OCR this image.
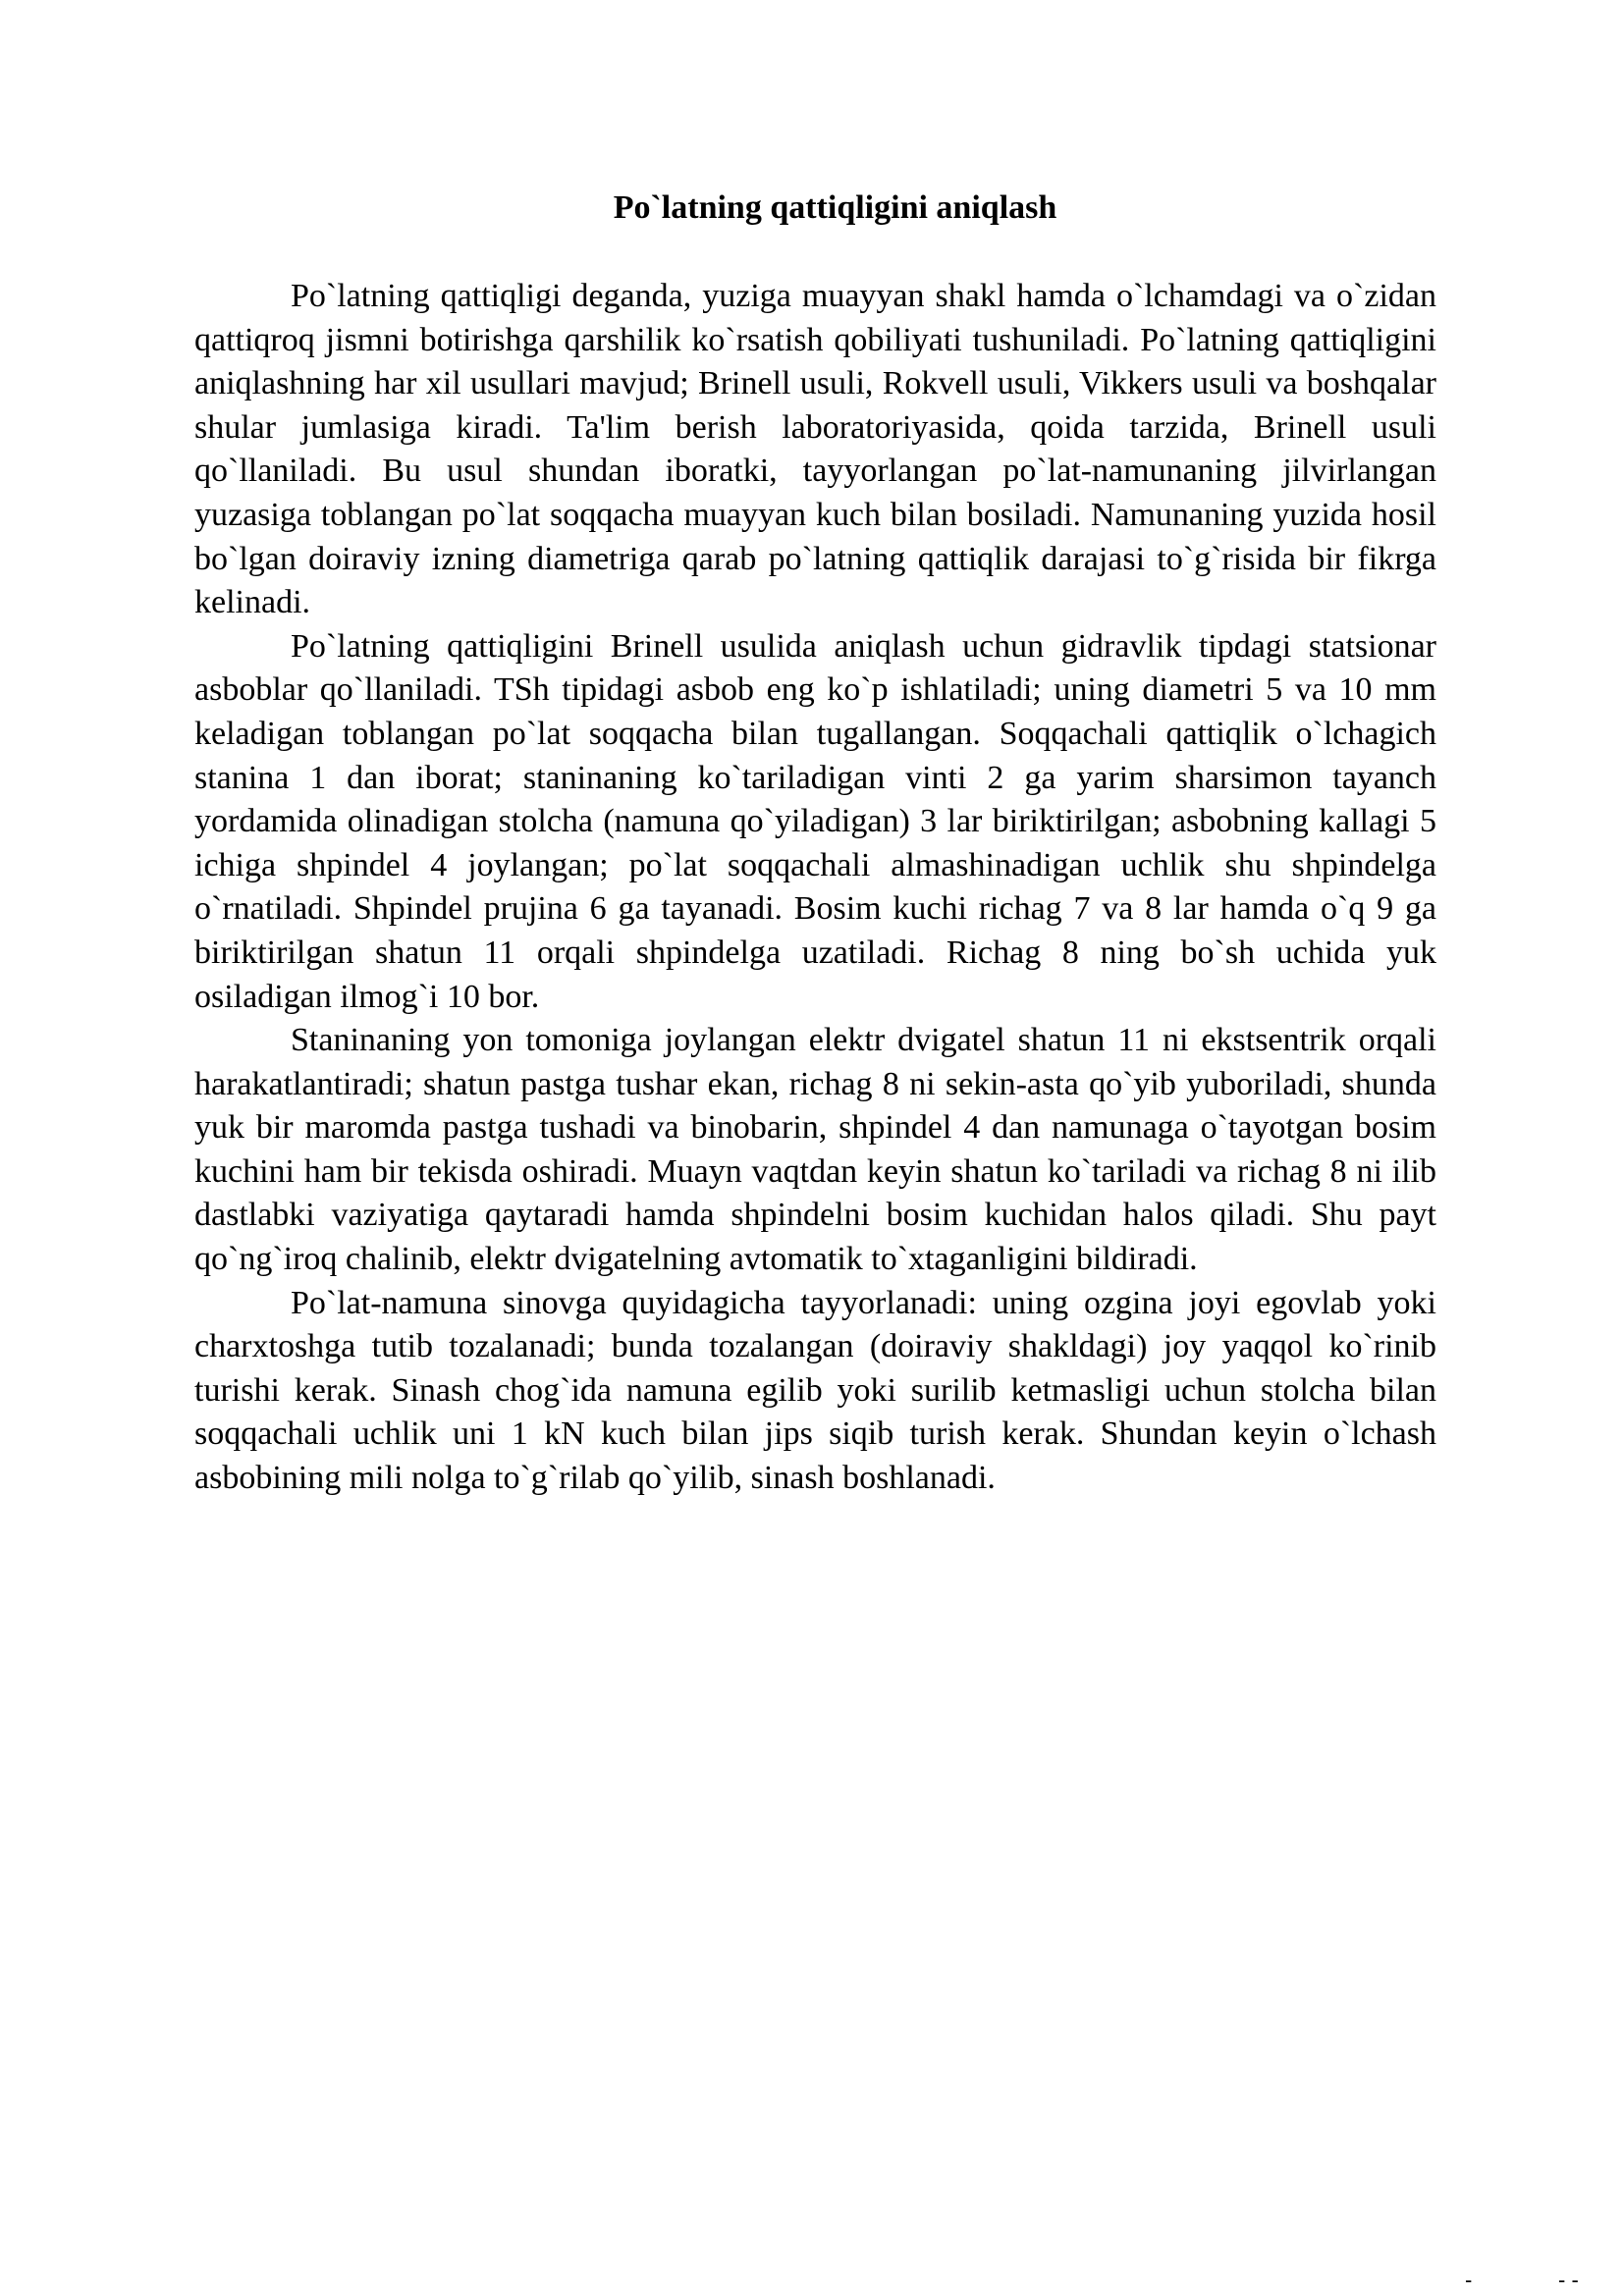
Po`latning qattiqligini aniqlash

Po`latning qattiqligi deganda, yuziga muayyan shakl hamda o`lchamdagi va o`zidan qattiqroq jismni botirishga qarshilik ko`rsatish qobiliyati tushuniladi. Po`latning qattiqligini aniqlashning har xil usullari mavjud; Brinell usuli, Rokvell usuli, Vikkers usuli va boshqalar shular jumlasiga kiradi. Ta'lim berish laboratoriyasida, qoida tarzida, Brinell usuli qo`llaniladi. Bu usul shundan iboratki, tayyorlangan po`lat-namunaning jilvirlangan yuzasiga toblangan po`lat soqqacha muayyan kuch bilan bosiladi. Namunaning yuzida hosil bo`lgan doiraviy izning diametriga qarab po`latning qattiqlik darajasi to`g`risida bir fikrga kelinadi.

Po`latning qattiqligini Brinell usulida aniqlash uchun gidravlik tipdagi statsionar asboblar qo`llaniladi. TSh tipidagi asbob eng ko`p ishlatiladi; uning diametri 5 va 10 mm keladigan toblangan po`lat soqqacha bilan tugallangan. Soqqachali qattiqlik o`lchagich stanina 1 dan iborat; staninaning ko`tariladigan vinti 2 ga yarim sharsimon tayanch yordamida olinadigan stolcha (namuna qo`yiladigan) 3 lar biriktirilgan; asbobning kallagi 5 ichiga shpindel 4 joylangan; po`lat soqqachali almashinadigan uchlik shu shpindelga o`rnatiladi. Shpindel prujina 6 ga tayanadi. Bosim kuchi richag 7 va 8 lar hamda o`q 9 ga biriktirilgan shatun 11 orqali shpindelga uzatiladi. Richag 8 ning bo`sh uchida yuk osiladigan ilmog`i 10 bor.

Staninaning yon tomoniga joylangan elektr dvigatel shatun 11 ni ekstsentrik orqali harakatlantiradi; shatun pastga tushar ekan, richag 8 ni sekin-asta qo`yib yuboriladi, shunda yuk bir maromda pastga tushadi va binobarin, shpindel 4 dan namunaga o`tayotgan bosim kuchini ham bir tekisda oshiradi. Muayn vaqtdan keyin shatun ko`tariladi va richag 8 ni ilib dastlabki vaziyatiga qaytaradi hamda shpindelni bosim kuchidan halos qiladi. Shu payt qo`ng`iroq chalinib, elektr dvigatelning avtomatik to`xtaganligini bildiradi.

Po`lat-namuna sinovga quyidagicha tayyorlanadi: uning ozgina joyi egovlab yoki charxtoshga tutib tozalanadi; bunda tozalangan (doiraviy shakldagi) joy yaqqol ko`rinib turishi kerak. Sinash chog`ida namuna egilib yoki surilib ketmasligi uchun stolcha bilan soqqachali uchlik uni 1 kN kuch bilan jips siqib turish kerak. Shundan keyin o`lchash asbobining mili nolga to`g`rilab qo`yilib, sinash boshlanadi.

-	- -
